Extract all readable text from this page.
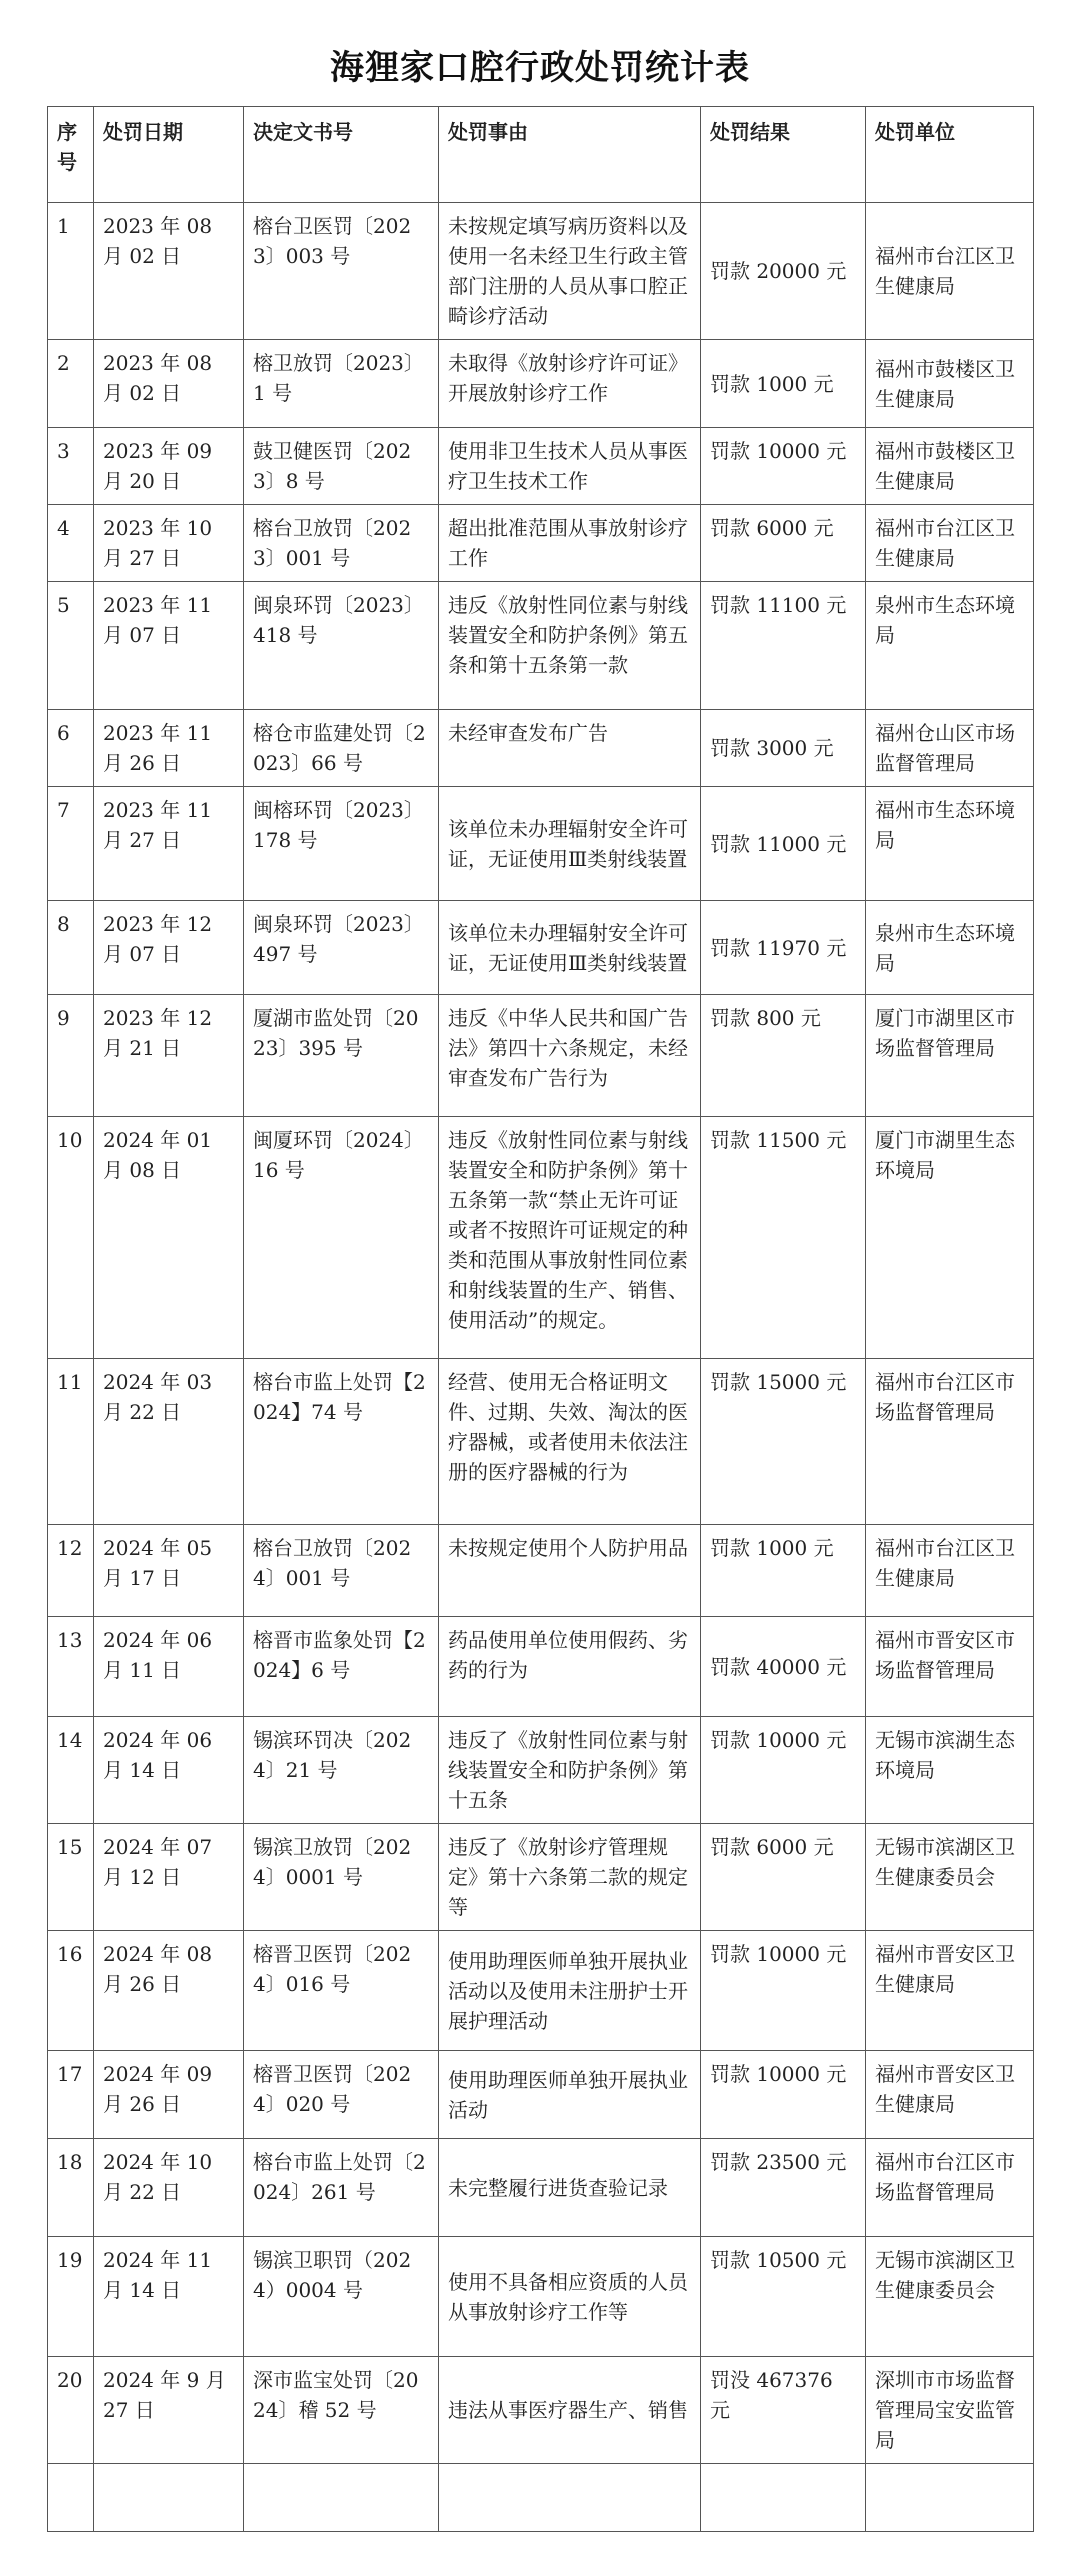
海狸家口腔行政处罚统计表
序号	处罚日期	决定文书号	处罚事由	处罚结果	处罚单位
1	2023 年 08 月 02 日	榕台卫医罚〔2023〕003 号	未按规定填写病历资料以及使用一名未经卫生行政主管部门注册的人员从事口腔正畸诊疗活动	罚款 20000 元	福州市台江区卫生健康局
2	2023 年 08 月 02 日	榕卫放罚〔2023〕1 号	未取得《放射诊疗许可证》开展放射诊疗工作	罚款 1000 元	福州市鼓楼区卫生健康局
3	2023 年 09 月 20 日	鼓卫健医罚〔2023〕8 号	使用非卫生技术人员从事医疗卫生技术工作	罚款 10000 元	福州市鼓楼区卫生健康局
4	2023 年 10 月 27 日	榕台卫放罚〔2023〕001 号	超出批准范围从事放射诊疗工作	罚款 6000 元	福州市台江区卫生健康局
5	2023 年 11 月 07 日	闽泉环罚〔2023〕418 号	违反《放射性同位素与射线装置安全和防护条例》第五条和第十五条第一款	罚款 11100 元	泉州市生态环境局
6	2023 年 11 月 26 日	榕仓市监建处罚〔2023〕66 号	未经审查发布广告	罚款 3000 元	福州仓山区市场监督管理局
7	2023 年 11 月 27 日	闽榕环罚〔2023〕178 号	该单位未办理辐射安全许可证，无证使用Ⅲ类射线装置	罚款 11000 元	福州市生态环境局
8	2023 年 12 月 07 日	闽泉环罚〔2023〕497 号	该单位未办理辐射安全许可证，无证使用Ⅲ类射线装置	罚款 11970 元	泉州市生态环境局
9	2023 年 12 月 21 日	厦湖市监处罚〔2023〕395 号	违反《中华人民共和国广告法》第四十六条规定，未经审查发布广告行为	罚款 800 元	厦门市湖里区市场监督管理局
10	2024 年 01 月 08 日	闽厦环罚〔2024〕16 号	违反《放射性同位素与射线装置安全和防护条例》第十五条第一款“禁止无许可证或者不按照许可证规定的种类和范围从事放射性同位素和射线装置的生产、销售、使用活动”的规定。	罚款 11500 元	厦门市湖里生态环境局
11	2024 年 03 月 22 日	榕台市监上处罚【2024】74 号	经营、使用无合格证明文件、过期、失效、淘汰的医疗器械，或者使用未依法注册的医疗器械的行为	罚款 15000 元	福州市台江区市场监督管理局
12	2024 年 05 月 17 日	榕台卫放罚〔2024〕001 号	未按规定使用个人防护用品	罚款 1000 元	福州市台江区卫生健康局
13	2024 年 06 月 11 日	榕晋市监象处罚【2024】6 号	药品使用单位使用假药、劣药的行为	罚款 40000 元	福州市晋安区市场监督管理局
14	2024 年 06 月 14 日	锡滨环罚决〔2024〕21 号	违反了《放射性同位素与射线装置安全和防护条例》第十五条	罚款 10000 元	无锡市滨湖生态环境局
15	2024 年 07 月 12 日	锡滨卫放罚〔2024〕0001 号	违反了《放射诊疗管理规定》第十六条第二款的规定等	罚款 6000 元	无锡市滨湖区卫生健康委员会
16	2024 年 08 月 26 日	榕晋卫医罚〔2024〕016 号	使用助理医师单独开展执业活动以及使用未注册护士开展护理活动	罚款 10000 元	福州市晋安区卫生健康局
17	2024 年 09 月 26 日	榕晋卫医罚〔2024〕020 号	使用助理医师单独开展执业活动	罚款 10000 元	福州市晋安区卫生健康局
18	2024 年 10 月 22 日	榕台市监上处罚〔2024〕261 号	未完整履行进货查验记录	罚款 23500 元	福州市台江区市场监督管理局
19	2024 年 11 月 14 日	锡滨卫职罚（2024）0004 号	使用不具备相应资质的人员从事放射诊疗工作等	罚款 10500 元	无锡市滨湖区卫生健康委员会
20	2024 年 9 月 27 日	深市监宝处罚〔2024〕稽 52 号	违法从事医疗器生产、销售	罚没 467376 元	深圳市市场监督管理局宝安监管局
